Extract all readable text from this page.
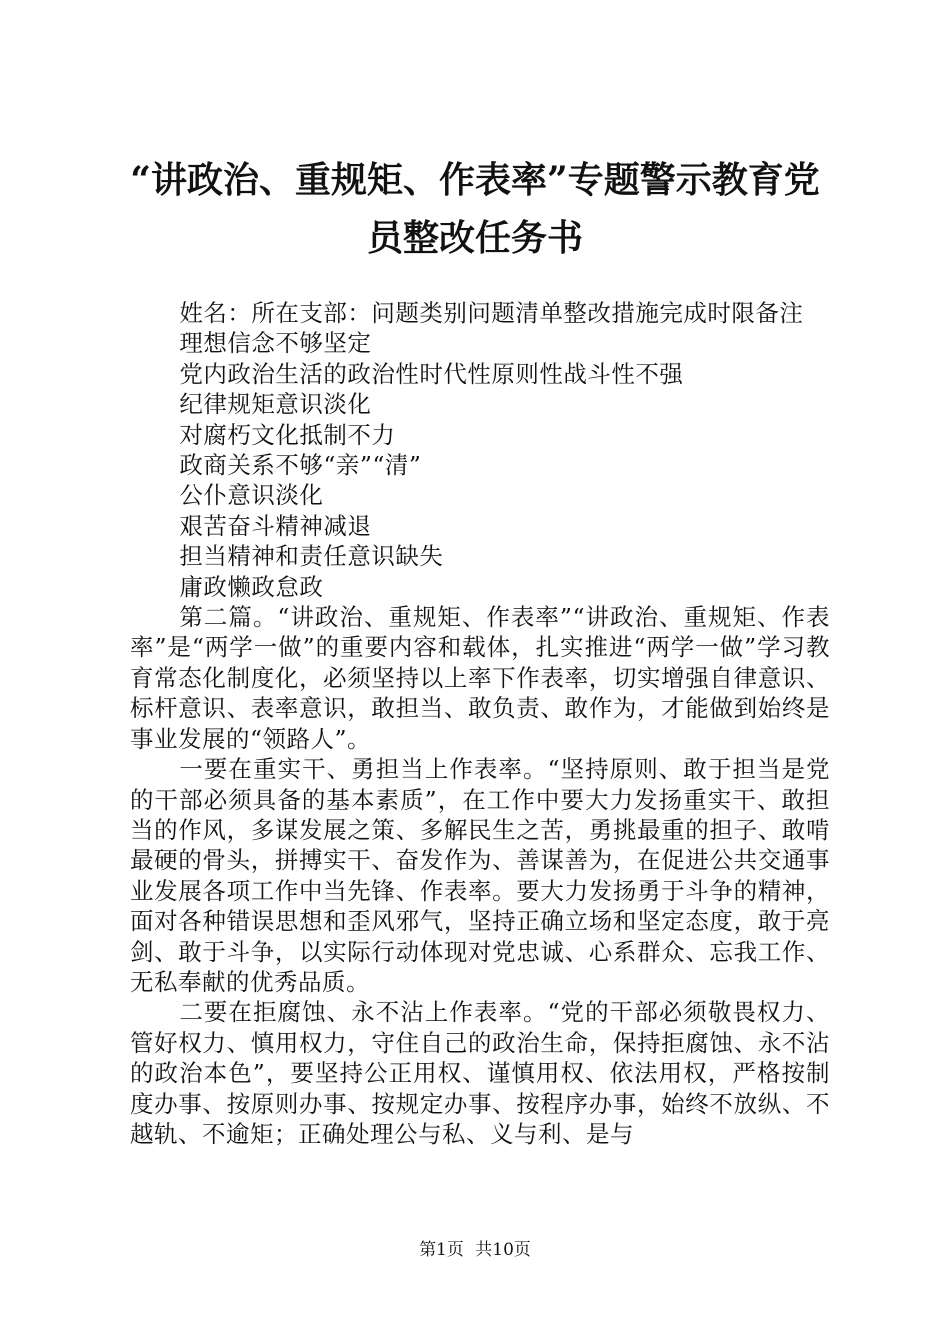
“讲政治、重规矩、作表率”专题警示教育党
员整改任务书

姓名：所在支部：问题类别问题清单整改措施完成时限备注

理想信念不够坚定

党内政治生活的政治性时代性原则性战斗性不强

纪律规矩意识淡化

对腐朽文化抵制不力

政商关系不够“亲”“清”

公仆意识淡化

艰苦奋斗精神减退

担当精神和责任意识缺失

庸政懒政怠政

第二篇。“讲政治、重规矩、作表率”“讲政治、重规矩、作表率”是“两学一做”的重要内容和载体，扎实推进“两学一做”学习教育常态化制度化，必须坚持以上率下作表率，切实增强自律意识、标杆意识、表率意识，敢担当、敢负责、敢作为，才能做到始终是事业发展的“领路人”。

一要在重实干、勇担当上作表率。“坚持原则、敢于担当是党的干部必须具备的基本素质”，在工作中要大力发扬重实干、敢担当的作风，多谋发展之策、多解民生之苦，勇挑最重的担子、敢啃最硬的骨头，拼搏实干、奋发作为、善谋善为，在促进公共交通事业发展各项工作中当先锋、作表率。要大力发扬勇于斗争的精神，面对各种错误思想和歪风邪气，坚持正确立场和坚定态度，敢于亮剑、敢于斗争，以实际行动体现对党忠诚、心系群众、忘我工作、无私奉献的优秀品质。

二要在拒腐蚀、永不沾上作表率。“党的干部必须敬畏权力、管好权力、慎用权力，守住自己的政治生命，保持拒腐蚀、永不沾的政治本色”，要坚持公正用权、谨慎用权、依法用权，严格按制度办事、按原则办事、按规定办事、按程序办事，始终不放纵、不越轨、不逾矩；正确处理公与私、义与利、是与

第1页 共10页
